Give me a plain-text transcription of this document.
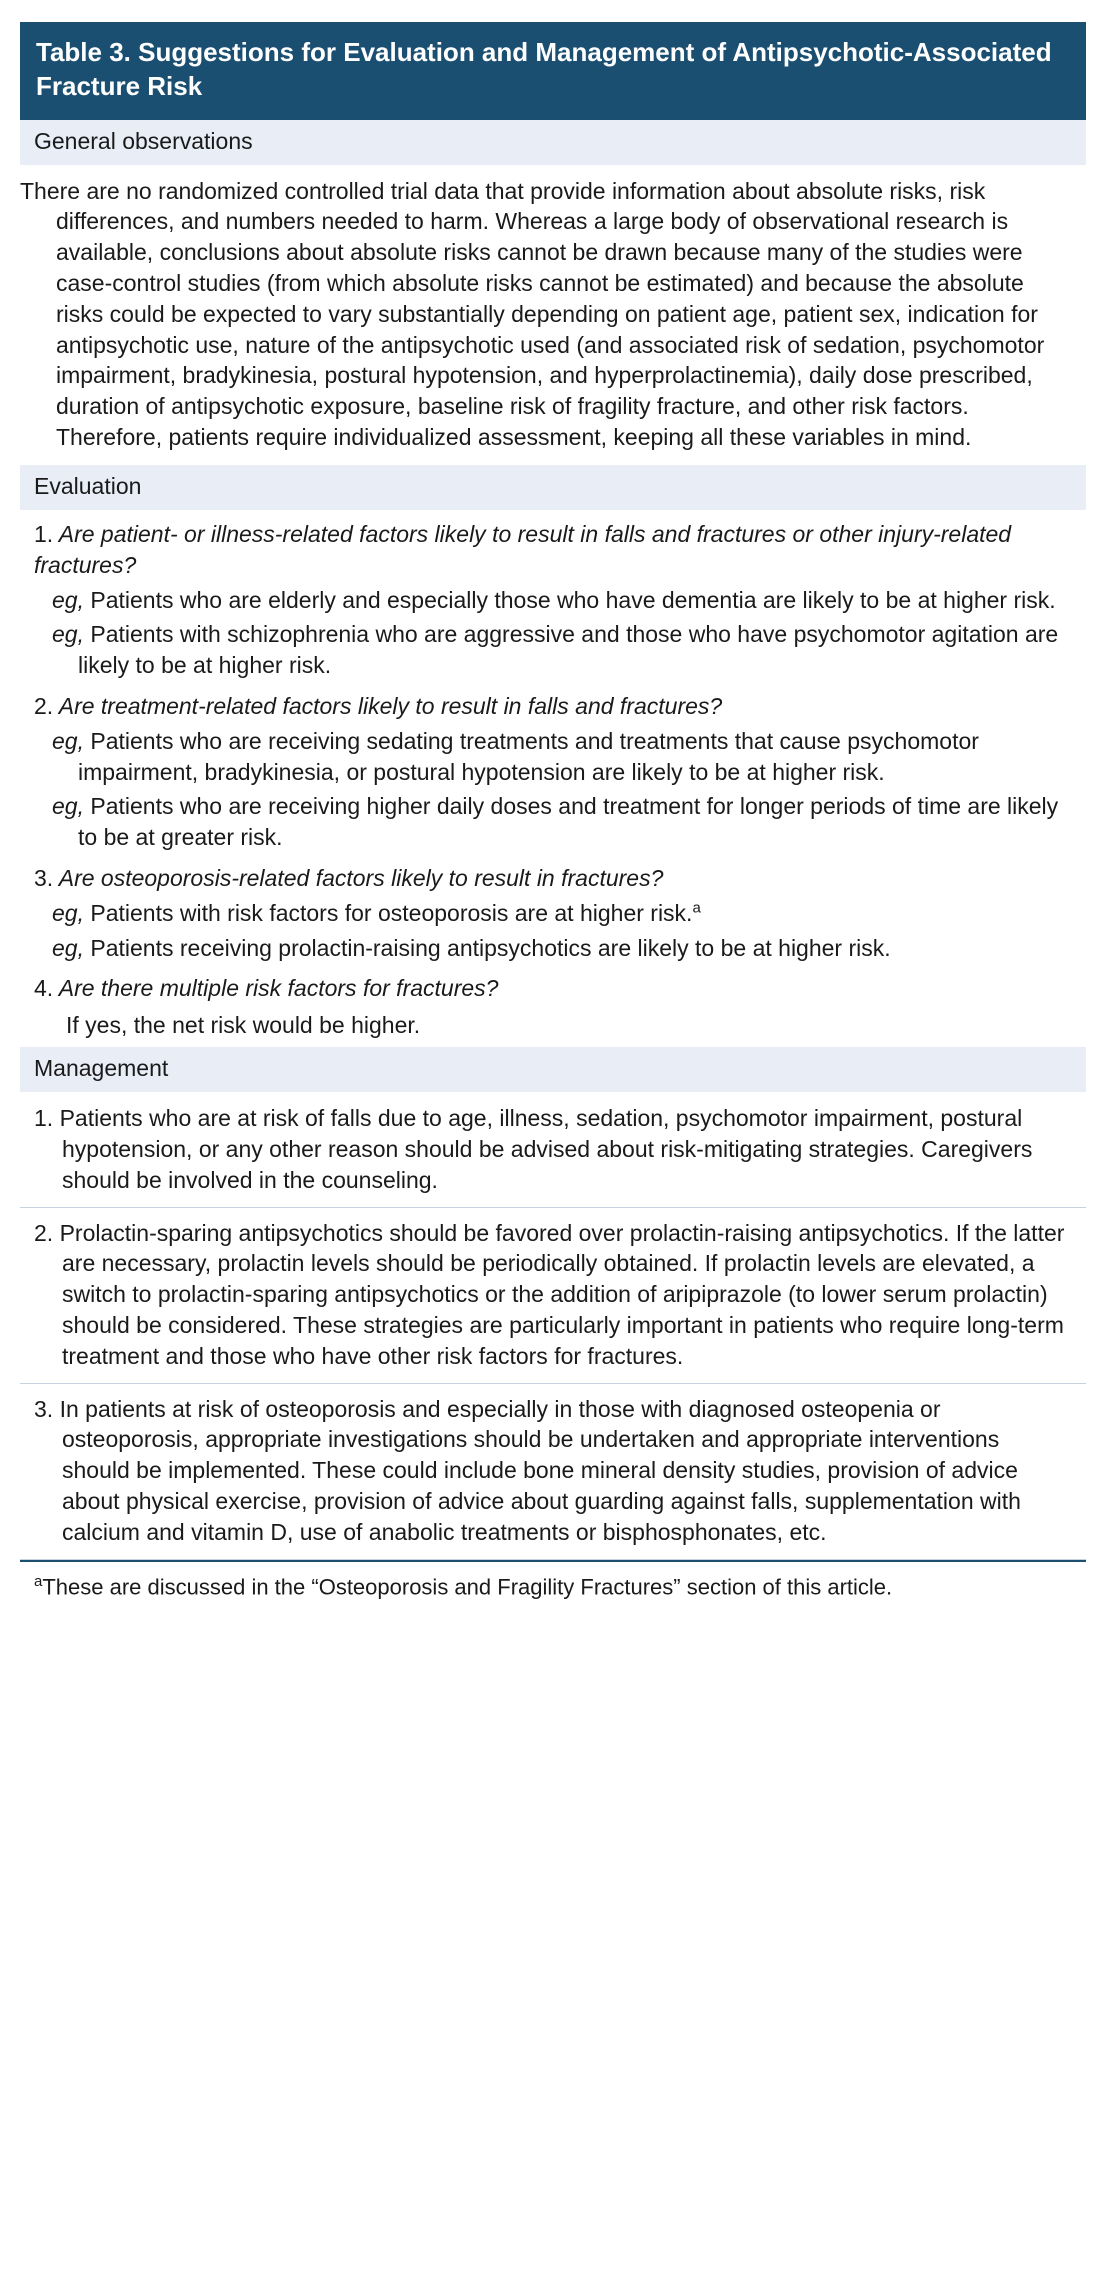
Table 3. Suggestions for Evaluation and Management of Antipsychotic-Associated Fracture Risk
General observations
There are no randomized controlled trial data that provide information about absolute risks, risk differences, and numbers needed to harm. Whereas a large body of observational research is available, conclusions about absolute risks cannot be drawn because many of the studies were case-control studies (from which absolute risks cannot be estimated) and because the absolute risks could be expected to vary substantially depending on patient age, patient sex, indication for antipsychotic use, nature of the antipsychotic used (and associated risk of sedation, psychomotor impairment, bradykinesia, postural hypotension, and hyperprolactinemia), daily dose prescribed, duration of antipsychotic exposure, baseline risk of fragility fracture, and other risk factors. Therefore, patients require individualized assessment, keeping all these variables in mind.
Evaluation
1. Are patient- or illness-related factors likely to result in falls and fractures or other injury-related fractures?
eg, Patients who are elderly and especially those who have dementia are likely to be at higher risk.
eg, Patients with schizophrenia who are aggressive and those who have psychomotor agitation are likely to be at higher risk.
2. Are treatment-related factors likely to result in falls and fractures?
eg, Patients who are receiving sedating treatments and treatments that cause psychomotor impairment, bradykinesia, or postural hypotension are likely to be at higher risk.
eg, Patients who are receiving higher daily doses and treatment for longer periods of time are likely to be at greater risk.
3. Are osteoporosis-related factors likely to result in fractures?
eg, Patients with risk factors for osteoporosis are at higher risk.$^a$
eg, Patients receiving prolactin-raising antipsychotics are likely to be at higher risk.
4. Are there multiple risk factors for fractures?
If yes, the net risk would be higher.
Management
1. Patients who are at risk of falls due to age, illness, sedation, psychomotor impairment, postural hypotension, or any other reason should be advised about risk-mitigating strategies. Caregivers should be involved in the counseling.
2. Prolactin-sparing antipsychotics should be favored over prolactin-raising antipsychotics. If the latter are necessary, prolactin levels should be periodically obtained. If prolactin levels are elevated, a switch to prolactin-sparing antipsychotics or the addition of aripiprazole (to lower serum prolactin) should be considered. These strategies are particularly important in patients who require long-term treatment and those who have other risk factors for fractures.
3. In patients at risk of osteoporosis and especially in those with diagnosed osteopenia or osteoporosis, appropriate investigations should be undertaken and appropriate interventions should be implemented. These could include bone mineral density studies, provision of advice about physical exercise, provision of advice about guarding against falls, supplementation with calcium and vitamin D, use of anabolic treatments or bisphosphonates, etc.
$^a$These are discussed in the “Osteoporosis and Fragility Fractures” section of this article.
